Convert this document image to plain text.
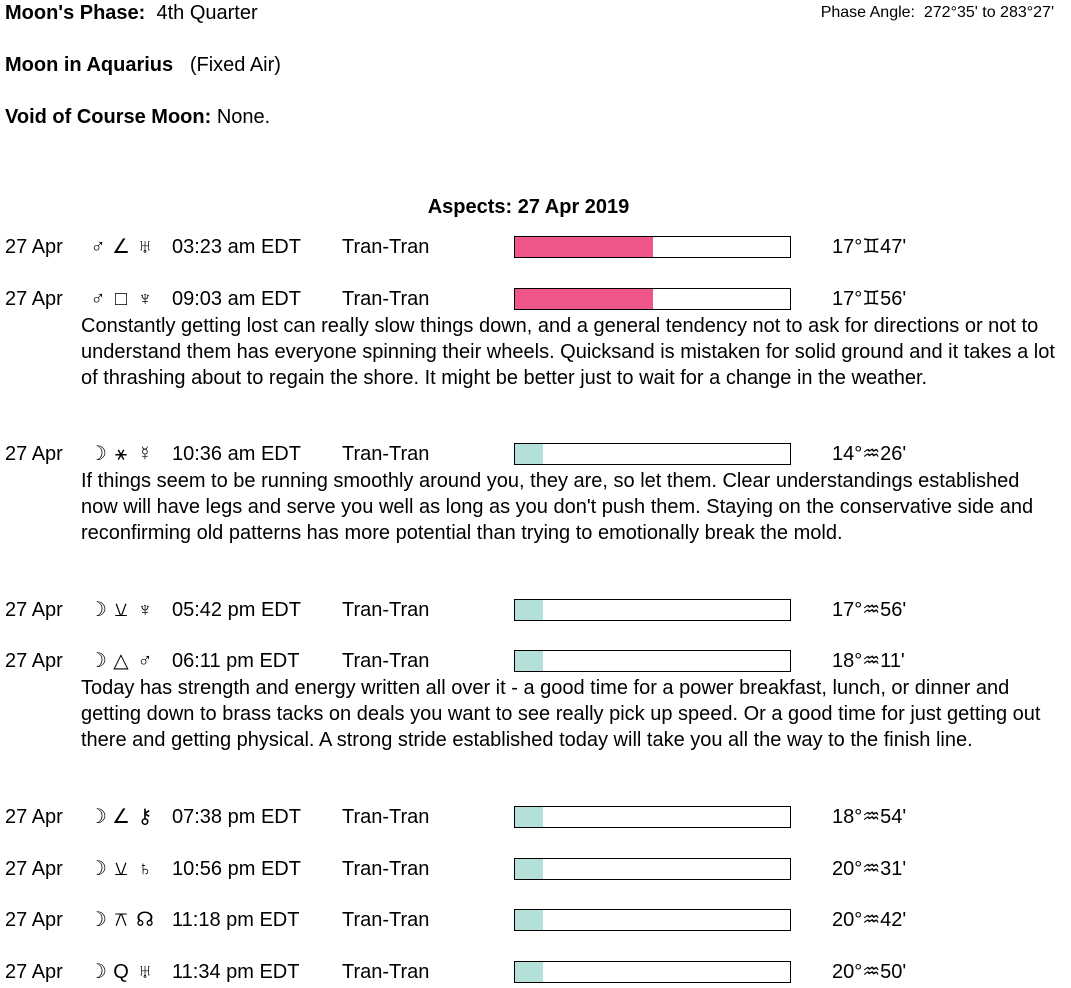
Moon's Phase: 4th Quarter	Phase Angle: 272°35' to 283°27'
Moon in Aquarius (Fixed Air)
Void of Course Moon: None.
Aspects: 27 Apr 2019
27 Apr ♂ ∠ ♅ 03:23 am EDT Tran-Tran	17°♊47'
27 Apr ♂ □ ♆ 09:03 am EDT Tran-Tran	17°♊56'
Constantly getting lost can really slow things down, and a general tendency not to ask for directions or not to understand them has everyone spinning their wheels. Quicksand is mistaken for solid ground and it takes a lot of thrashing about to regain the shore. It might be better just to wait for a change in the weather.
27 Apr ☽ ⚹ ☿ 10:36 am EDT Tran-Tran	14°♒26'
If things seem to be running smoothly around you, they are, so let them. Clear understandings established now will have legs and serve you well as long as you don't push them. Staying on the conservative side and reconfirming old patterns has more potential than trying to emotionally break the mold.
27 Apr ☽ ⚺ ♆ 05:42 pm EDT Tran-Tran	17°♒56'
27 Apr ☽ △ ♂ 06:11 pm EDT Tran-Tran	18°♒11'
Today has strength and energy written all over it - a good time for a power breakfast, lunch, or dinner and getting down to brass tacks on deals you want to see really pick up speed. Or a good time for just getting out there and getting physical. A strong stride established today will take you all the way to the finish line.
27 Apr ☽ ∠ ⚷ 07:38 pm EDT Tran-Tran	18°♒54'
27 Apr ☽ ⚺ ♄ 10:56 pm EDT Tran-Tran	20°♒31'
27 Apr ☽ ⚻ ☊ 11:18 pm EDT Tran-Tran	20°♒42'
27 Apr ☽ Q ♅ 11:34 pm EDT Tran-Tran	20°♒50'
